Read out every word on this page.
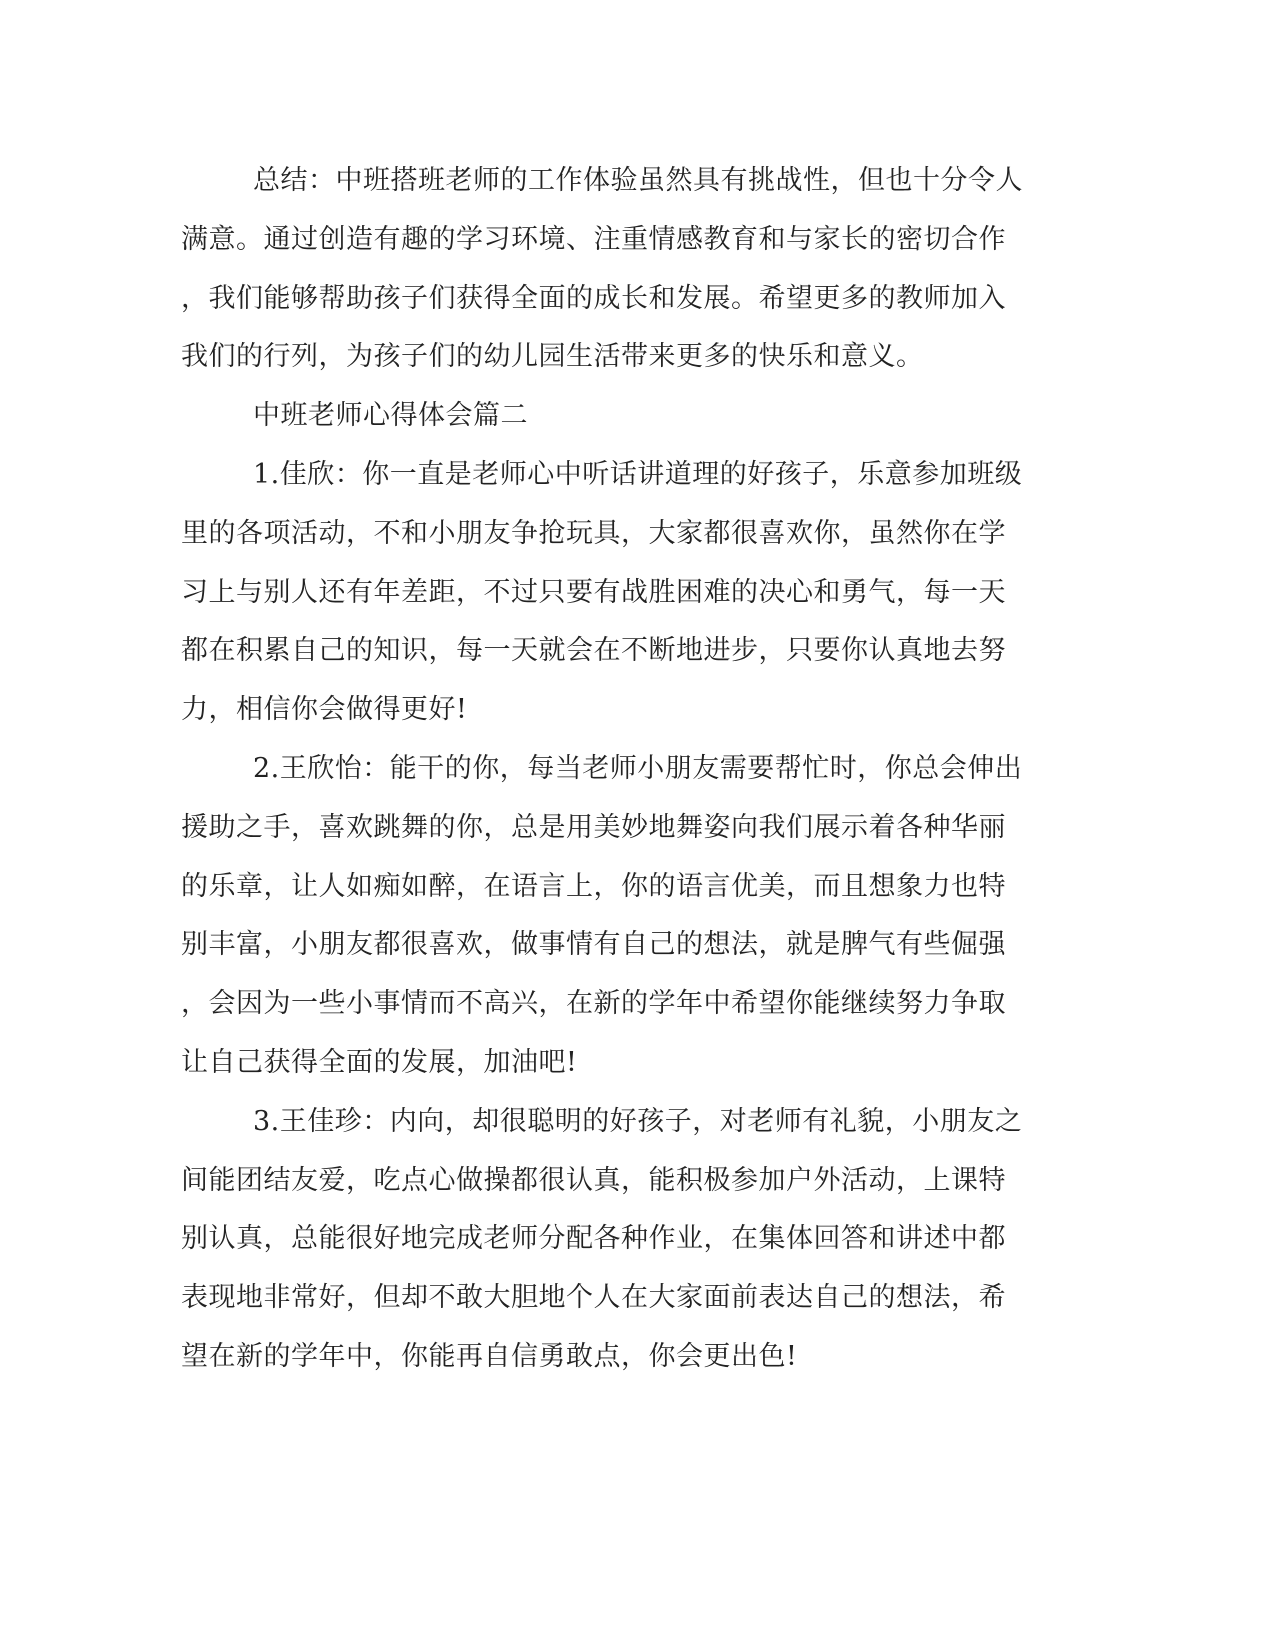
总结：中班搭班老师的工作体验虽然具有挑战性，但也十分令人
满意。通过创造有趣的学习环境、注重情感教育和与家长的密切合作
，我们能够帮助孩子们获得全面的成长和发展。希望更多的教师加入
我们的行列，为孩子们的幼儿园生活带来更多的快乐和意义。
中班老师心得体会篇二
1.佳欣：你一直是老师心中听话讲道理的好孩子，乐意参加班级
里的各项活动，不和小朋友争抢玩具，大家都很喜欢你，虽然你在学
习上与别人还有年差距，不过只要有战胜困难的决心和勇气，每一天
都在积累自己的知识，每一天就会在不断地进步，只要你认真地去努
力，相信你会做得更好!
2.王欣怡：能干的你，每当老师小朋友需要帮忙时，你总会伸出
援助之手，喜欢跳舞的你，总是用美妙地舞姿向我们展示着各种华丽
的乐章，让人如痴如醉，在语言上，你的语言优美，而且想象力也特
别丰富，小朋友都很喜欢，做事情有自己的想法，就是脾气有些倔强
，会因为一些小事情而不高兴，在新的学年中希望你能继续努力争取
让自己获得全面的发展，加油吧!
3.王佳珍：内向，却很聪明的好孩子，对老师有礼貌，小朋友之
间能团结友爱，吃点心做操都很认真，能积极参加户外活动，上课特
别认真，总能很好地完成老师分配各种作业，在集体回答和讲述中都
表现地非常好，但却不敢大胆地个人在大家面前表达自己的想法，希
望在新的学年中，你能再自信勇敢点，你会更出色!
